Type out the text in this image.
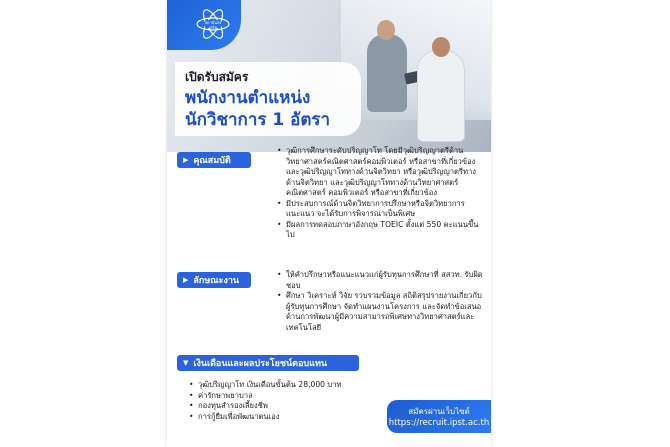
สถาบันส่งเสริม
เปิดรับสมัคร
พนักงานตำแหน่ง
นักวิชาการ 1 อัตรา
▶ คุณสมบัติ
• วุฒิการศึกษาระดับปริญญาโท โดยมีวุฒิปริญญาตรีด้านวิทยาศาสตร์คณิตศาสตร์คอมพิวเตอร์ หรือสาขาที่เกี่ยวข้อง และวุฒิปริญญาโททางด้านจิตวิทยา หรือวุฒิปริญญาตรีทางด้านจิตวิทยา และวุฒิปริญญาโททางด้านวิทยาศาสตร์ คณิตศาสตร์ คอมพิวเตอร์ หรือสาขาที่เกี่ยวข้อง
• มีประสบการณ์ด้านจิตวิทยาการปรึกษาหรือจิตวิทยาการแนะแนว จะได้รับการพิจารณาเป็นพิเศษ
• มีผลการทดสอบภาษาอังกฤษ TOEIC ตั้งแต่ 550 คะแนนขึ้นไป
▶ ลักษณะงาน
• ให้คำปรึกษาหรือแนะแนวแก่ผู้รับทุนการศึกษาที่ สสวท. รับผิดชอบ
• ศึกษา วิเคราะห์ วิจัย รวบรวมข้อมูล สถิติสรุปรายงานเกี่ยวกับผู้รับทุนการศึกษา จัดทำแผนงานโครงการ และจัดทำข้อเสนอด้านการพัฒนาผู้มีความสามารถพิเศษทางวิทยาศาสตร์และเทคโนโลยี
▼ เงินเดือนและผลประโยชน์ตอบแทน
• วุฒิปริญญาโท เงินเดือนขั้นต้น 28,000 บาท
• ค่ารักษาพยาบาล
• กองทุนสำรองเลี้ยงชีพ
• การกู้ยืมเพื่อพัฒนาตนเอง	สมัครผ่านเว็บไซต์
https://recruit.ipst.ac.th
